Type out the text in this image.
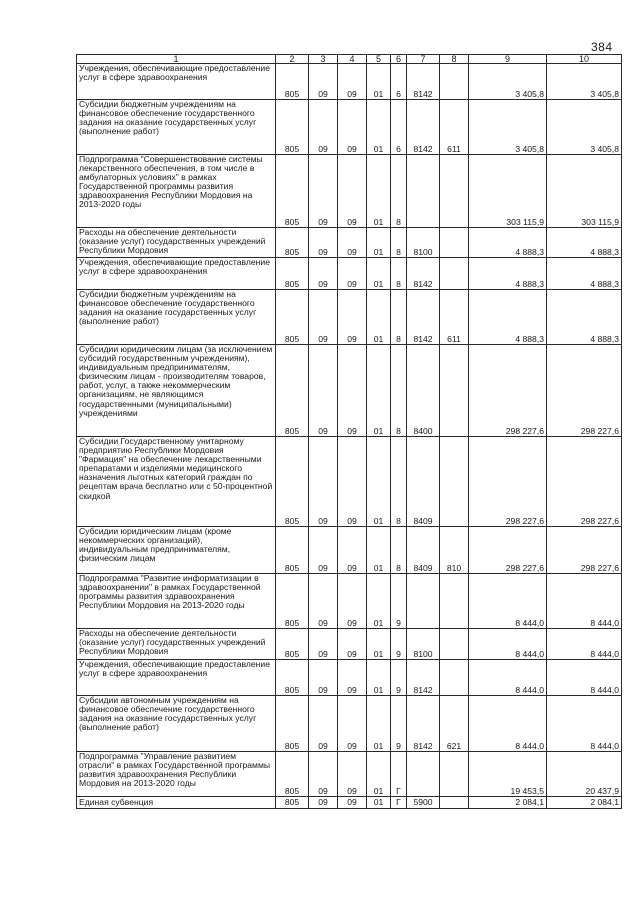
384
1	2	3	4	5	6	7	8	9	10
Учреждения, обеспечивающие предоставление услуг в сфере здравоохранения	805	09	09	01	6	8142		3 405,8	3 405,8
Субсидии бюджетным учреждениям на финансовое обеспечение государственного задания на оказание государственных услуг (выполнение работ)	805	09	09	01	6	8142	611	3 405,8	3 405,8
Подпрограмма "Совершенствование системы лекарственного обеспечения, в том числе в амбулаторных условиях" в рамках Государственной программы развития здравоохранения Республики Мордовия на 2013-2020 годы	805	09	09	01	8			303 115,9	303 115,9
Расходы на обеспечение деятельности (оказание услуг) государственных учреждений Республики Мордовия	805	09	09	01	8	8100		4 888,3	4 888,3
Учреждения, обеспечивающие предоставление услуг в сфере здравоохранения	805	09	09	01	8	8142		4 888,3	4 888,3
Субсидии бюджетным учреждениям на финансовое обеспечение государственного задания на оказание государственных услуг (выполнение работ)	805	09	09	01	8	8142	611	4 888,3	4 888,3
Субсидии юридическим лицам (за исключением субсидий государственным учреждениям), индивидуальным предпринимателям, физическим лицам - производителям товаров, работ, услуг, а также некоммерческим организациям, не являющимся государственными (муниципальными) учреждениями	805	09	09	01	8	8400		298 227,6	298 227,6
Субсидии Государственному унитарному предприятию Республики Мордовия "Фармация" на обеспечение лекарственными препаратами и изделиями медицинского назначения льготных категорий граждан по рецептам врача бесплатно или с 50-процентной скидкой	805	09	09	01	8	8409		298 227,6	298 227,6
Субсидии юридическим лицам (кроме некоммерческих организаций), индивидуальным предпринимателям, физическим лицам	805	09	09	01	8	8409	810	298 227,6	298 227,6
Подпрограмма "Развитие информатизации в здравоохранении" в рамках Государственной программы развития здравоохранения Республики Мордовия на 2013-2020 годы	805	09	09	01	9			8 444,0	8 444,0
Расходы на обеспечение деятельности (оказание услуг) государственных учреждений Республики Мордовия	805	09	09	01	9	8100		8 444,0	8 444,0
Учреждения, обеспечивающие предоставление услуг в сфере здравоохранения	805	09	09	01	9	8142		8 444,0	8 444,0
Субсидии автономным учреждениям на финансовое обеспечение государственного задания на оказание государственных услуг (выполнение работ)	805	09	09	01	9	8142	621	8 444,0	8 444,0
Подпрограмма "Управление развитием отрасли" в рамках Государственной программы развития здравоохранения Республики Мордовия на 2013-2020 годы	805	09	09	01	Г			19 453,5	20 437,9
Единая субвенция	805	09	09	01	Г	5900		2 084,1	2 084,1
